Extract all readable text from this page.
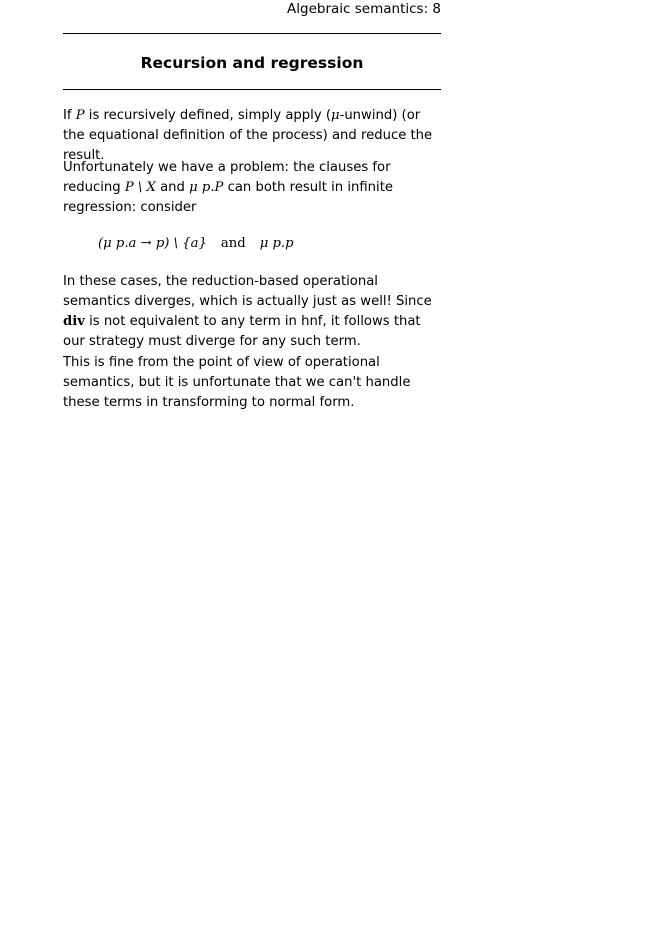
Algebraic semantics: 8
Recursion and regression
If P is recursively defined, simply apply (μ-unwind) (or the equational definition of the process) and reduce the result.
Unfortunately we have a problem: the clauses for reducing P \ X and μ p.P can both result in infinite regression: consider
(μ p.a → p) \ {a} and μ p.p
In these cases, the reduction-based operational semantics diverges, which is actually just as well! Since div is not equivalent to any term in hnf, it follows that our strategy must diverge for any such term.
This is fine from the point of view of operational semantics, but it is unfortunate that we can't handle these terms in transforming to normal form.
